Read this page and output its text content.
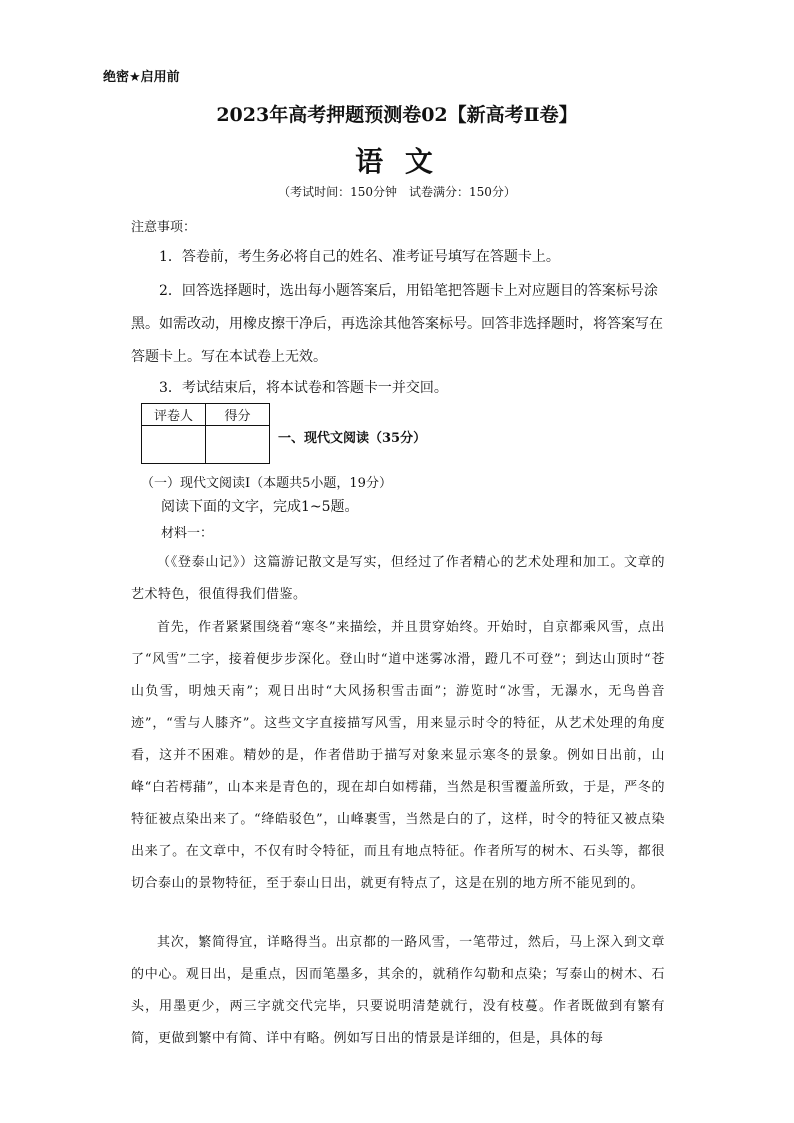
绝密★启用前
2023年高考押题预测卷02【新高考Ⅱ卷】
语 文
（考试时间：150分钟　试卷满分：150分）
注意事项：
1．答卷前，考生务必将自己的姓名、准考证号填写在答题卡上。
2．回答选择题时，选出每小题答案后，用铅笔把答题卡上对应题目的答案标号涂黑。如需改动，用橡皮擦干净后，再选涂其他答案标号。回答非选择题时，将答案写在答题卡上。写在本试卷上无效。
3．考试结束后，将本试卷和答题卡一并交回。
评卷人	得分

一、现代文阅读（35分）
（一）现代文阅读Ⅰ（本题共5小题，19分）
阅读下面的文字，完成1~5题。
材料一：
（《登泰山记》）这篇游记散文是写实，但经过了作者精心的艺术处理和加工。文章的艺术特色，很值得我们借鉴。
首先，作者紧紧围绕着“寒冬”来描绘，并且贯穿始终。开始时，自京都乘风雪，点出了“风雪”二字，接着便步步深化。登山时“道中迷雾冰滑，蹬几不可登”；到达山顶时“苍山负雪，明烛天南”；观日出时“大风扬积雪击面”；游览时“冰雪，无瀑水，无鸟兽音迹”，“雪与人膝齐”。这些文字直接描写风雪，用来显示时令的特征，从艺术处理的角度看，这并不困难。精妙的是，作者借助于描写对象来显示寒冬的景象。例如日出前，山峰“白若樗蒱”，山本来是青色的，现在却白如樗蒱，当然是积雪覆盖所致，于是，严冬的特征被点染出来了。“绛皓驳色”，山峰裹雪，当然是白的了，这样，时令的特征又被点染出来了。在文章中，不仅有时令特征，而且有地点特征。作者所写的树木、石头等，都很切合泰山的景物特征，至于泰山日出，就更有特点了，这是在别的地方所不能见到的。
其次，繁简得宜，详略得当。出京都的一路风雪，一笔带过，然后，马上深入到文章的中心。观日出，是重点，因而笔墨多，其余的，就稍作勾勒和点染；写泰山的树木、石头，用墨更少，两三字就交代完毕，只要说明清楚就行，没有枝蔓。作者既做到有繁有简，更做到繁中有简、详中有略。例如写日出的情景是详细的，但是，具体的每
